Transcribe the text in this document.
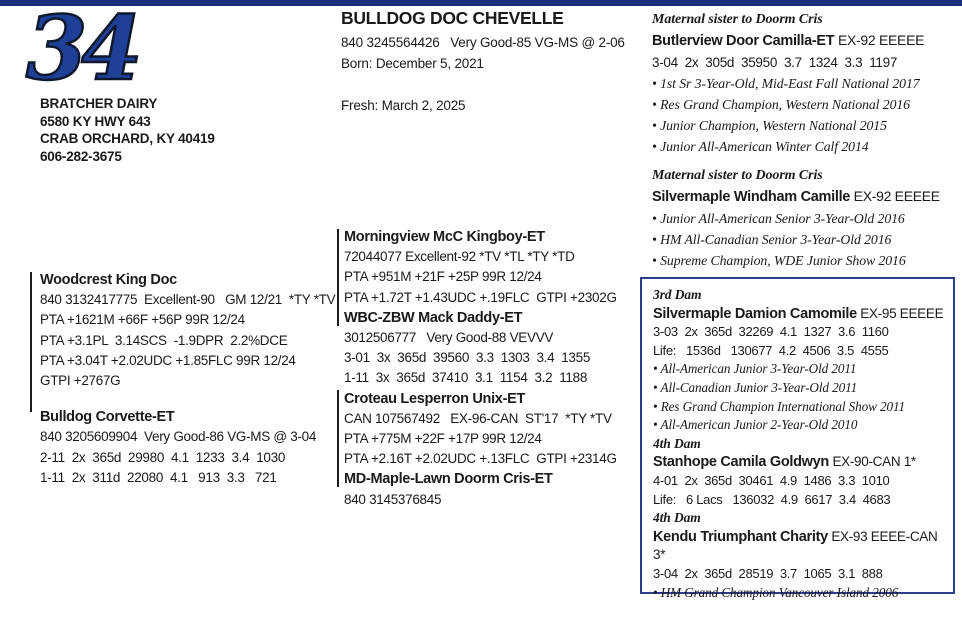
34
BRATCHER DAIRY
6580 KY HWY 643
CRAB ORCHARD, KY 40419
606-282-3675
BULLDOG DOC CHEVELLE
840 3245564426   Very Good-85 VG-MS @ 2-06
Born: December 5, 2021
Fresh: March 2, 2025
Woodcrest King Doc
840 3132417775  Excellent-90   GM 12/21  *TY *TV
PTA +1621M +66F +56P 99R 12/24
PTA +3.1PL  3.14SCS  -1.9DPR  2.2%DCE
PTA +3.04T +2.02UDC +1.85FLC 99R 12/24
GTPI +2767G
Bulldog Corvette-ET
840 3205609904  Very Good-86 VG-MS @ 3-04
2-11  2x  365d  29980  4.1  1233  3.4  1030
1-11  2x  311d  22080  4.1   913  3.3   721
Morningview McC Kingboy-ET
72044077 Excellent-92 *TV *TL *TY *TD
PTA +951M +21F +25P 99R 12/24
PTA +1.72T +1.43UDC +.19FLC  GTPI +2302G
WBC-ZBW Mack Daddy-ET
3012506777   Very Good-88 VEVVV
3-01  3x  365d  39560  3.3  1303  3.4  1355
1-11  3x  365d  37410  3.1  1154  3.2  1188
Croteau Lesperron Unix-ET
CAN 107567492   EX-96-CAN  ST'17  *TY *TV
PTA +775M +22F +17P 99R 12/24
PTA +2.16T +2.02UDC +.13FLC  GTPI +2314G
MD-Maple-Lawn Doorm Cris-ET
840 3145376845
Maternal sister to Doorm Cris
Butlerview Door Camilla-ET EX-92 EEEEE
3-04  2x  305d  35950  3.7  1324  3.3  1197
• 1st Sr 3-Year-Old, Mid-East Fall National 2017
• Res Grand Champion, Western National 2016
• Junior Champion, Western National 2015
• Junior All-American Winter Calf 2014
Maternal sister to Doorm Cris
Silvermaple Windham Camille EX-92 EEEEE
• Junior All-American Senior 3-Year-Old 2016
• HM All-Canadian Senior 3-Year-Old 2016
• Supreme Champion, WDE Junior Show 2016
3rd Dam
Silvermaple Damion Camomile EX-95 EEEEE
3-03  2x  365d  32269  4.1  1327  3.6  1160
Life:   1536d   130677  4.2  4506  3.5  4555
• All-American Junior 3-Year-Old 2011
• All-Canadian Junior 3-Year-Old 2011
• Res Grand Champion International Show 2011
• All-American Junior 2-Year-Old 2010
4th Dam
Stanhope Camila Goldwyn EX-90-CAN 1*
4-01  2x  365d  30461  4.9  1486  3.3  1010
Life:   6 Lacs   136032  4.9  6617  3.4  4683
4th Dam
Kendu Triumphant Charity EX-93 EEEE-CAN 3*
3-04  2x  365d  28519  3.7  1065  3.1  888
• HM Grand Champion Vancouver Island 2006
